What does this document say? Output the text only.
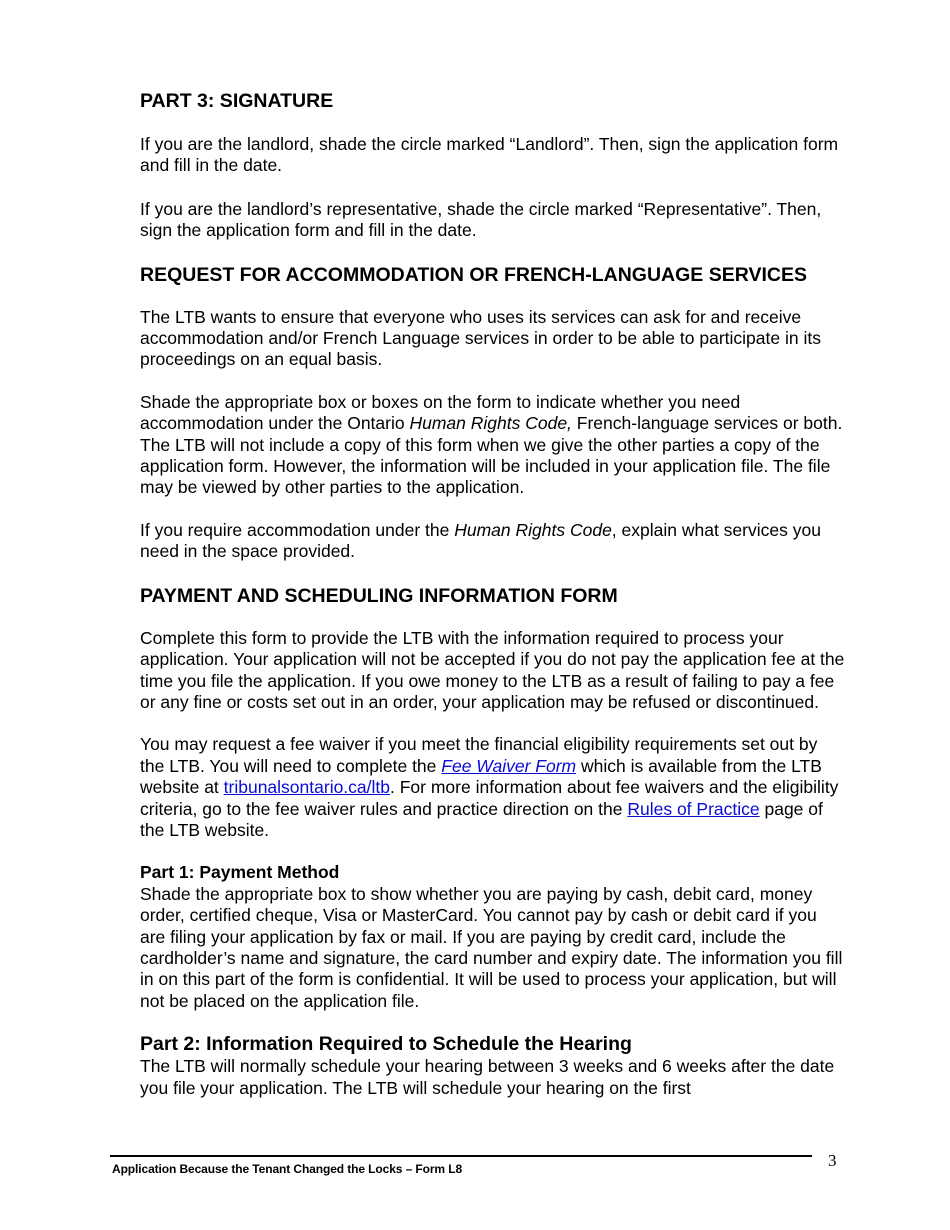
PART 3: SIGNATURE

If you are the landlord, shade the circle marked “Landlord”. Then, sign the application form and fill in the date.

If you are the landlord’s representative, shade the circle marked “Representative”. Then, sign the application form and fill in the date.

REQUEST FOR ACCOMMODATION OR FRENCH-LANGUAGE SERVICES

The LTB wants to ensure that everyone who uses its services can ask for and receive accommodation and/or French Language services in order to be able to participate in its proceedings on an equal basis.

Shade the appropriate box or boxes on the form to indicate whether you need accommodation under the Ontario Human Rights Code, French-language services or both. The LTB will not include a copy of this form when we give the other parties a copy of the application form. However, the information will be included in your application file. The file may be viewed by other parties to the application.

If you require accommodation under the Human Rights Code, explain what services you need in the space provided.

PAYMENT AND SCHEDULING INFORMATION FORM

Complete this form to provide the LTB with the information required to process your application. Your application will not be accepted if you do not pay the application fee at the time you file the application. If you owe money to the LTB as a result of failing to pay a fee or any fine or costs set out in an order, your application may be refused or discontinued.

You may request a fee waiver if you meet the financial eligibility requirements set out by the LTB. You will need to complete the Fee Waiver Form which is available from the LTB website at tribunalsontario.ca/ltb. For more information about fee waivers and the eligibility criteria, go to the fee waiver rules and practice direction on the Rules of Practice page of the LTB website.

Part 1: Payment Method

Shade the appropriate box to show whether you are paying by cash, debit card, money order, certified cheque, Visa or MasterCard. You cannot pay by cash or debit card if you are filing your application by fax or mail. If you are paying by credit card, include the cardholder’s name and signature, the card number and expiry date. The information you fill in on this part of the form is confidential. It will be used to process your application, but will not be placed on the application file.

Part 2: Information Required to Schedule the Hearing

The LTB will normally schedule your hearing between 3 weeks and 6 weeks after the date you file your application. The LTB will schedule your hearing on the first

Application Because the Tenant Changed the Locks – Form L8	3
